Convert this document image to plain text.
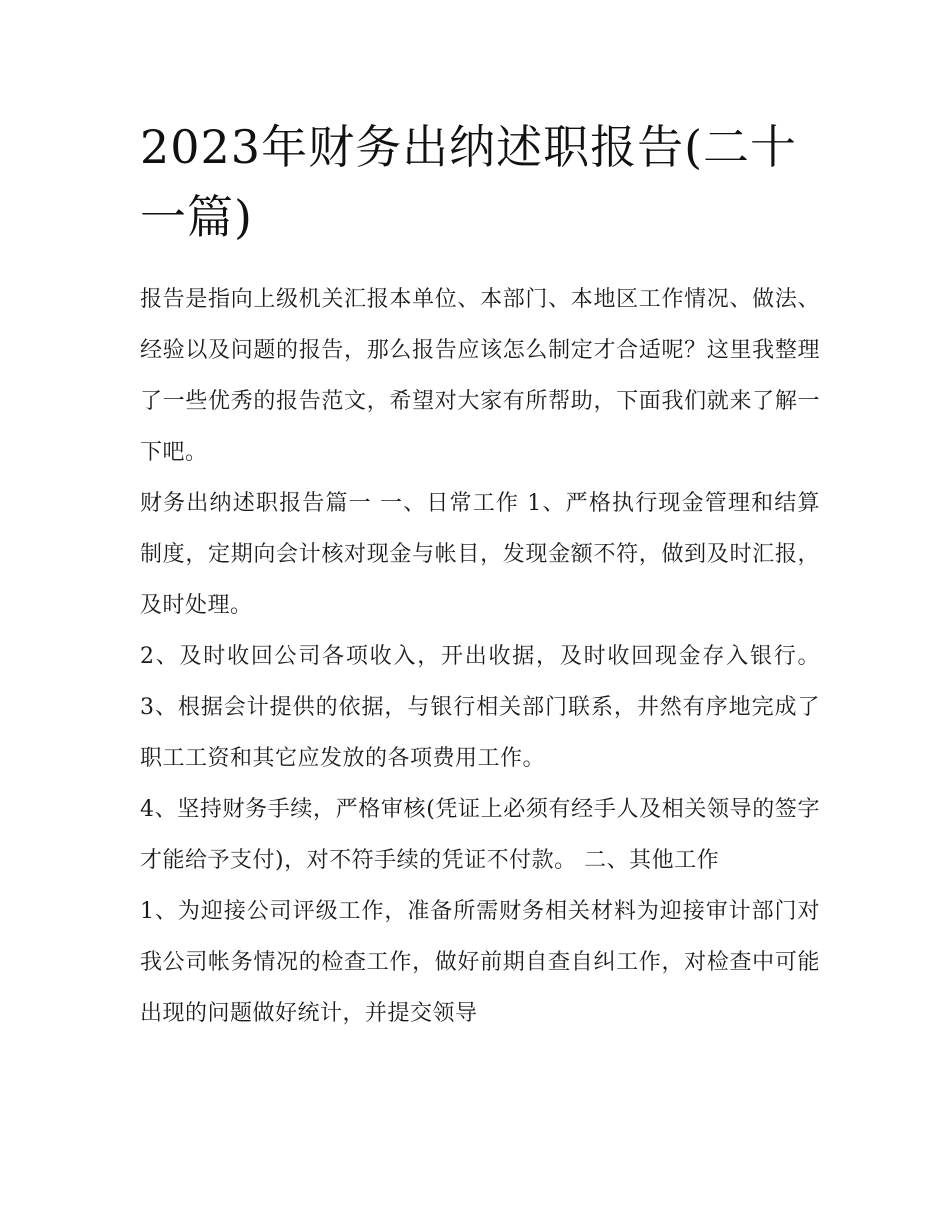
2023年财务出纳述职报告(二十一篇)

报告是指向上级机关汇报本单位、本部门、本地区工作情况、做法、经验以及问题的报告，那么报告应该怎么制定才合适呢？这里我整理了一些优秀的报告范文，希望对大家有所帮助，下面我们就来了解一下吧。

财务出纳述职报告篇一 一、日常工作 1、严格执行现金管理和结算制度，定期向会计核对现金与帐目，发现金额不符，做到及时汇报，及时处理。

2、及时收回公司各项收入，开出收据，及时收回现金存入银行。 3、根据会计提供的依据，与银行相关部门联系，井然有序地完成了职工工资和其它应发放的各项费用工作。

4、坚持财务手续，严格审核(凭证上必须有经手人及相关领导的签字才能给予支付)，对不符手续的凭证不付款。 二、其他工作

1、为迎接公司评级工作，准备所需财务相关材料为迎接审计部门对我公司帐务情况的检查工作，做好前期自查自纠工作，对检查中可能出现的问题做好统计，并提交领导
